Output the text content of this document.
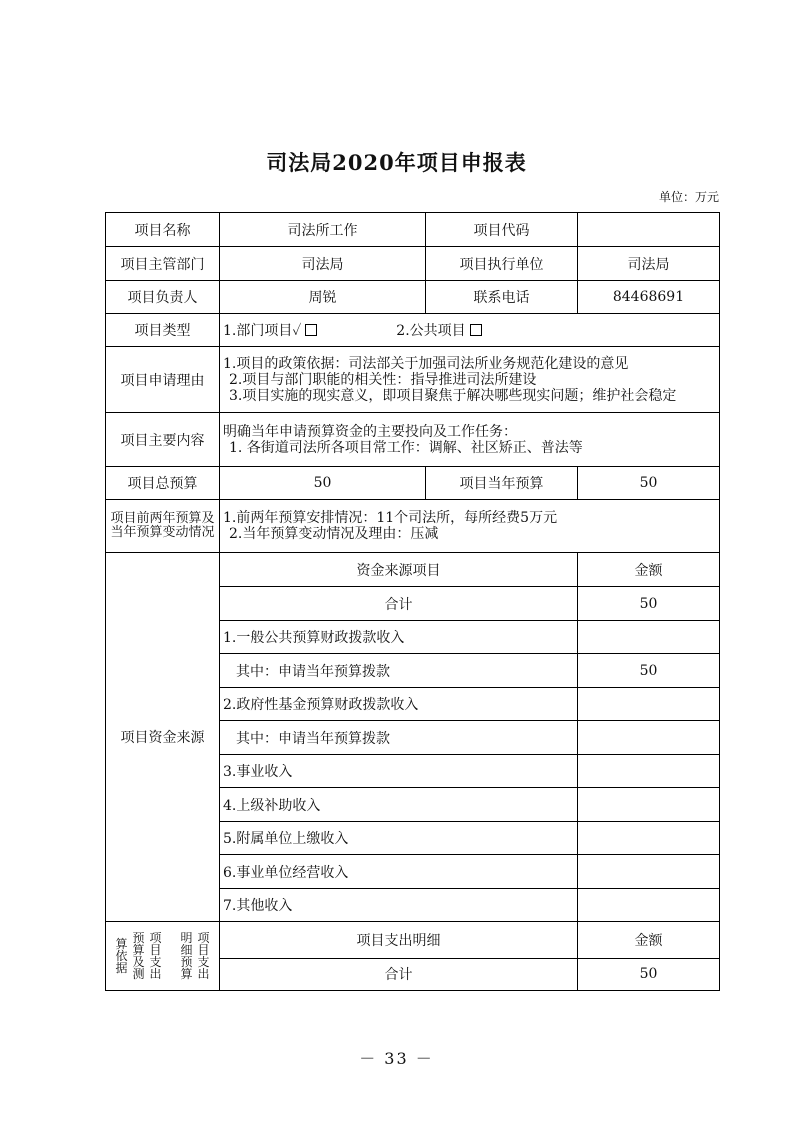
司法局2020年项目申报表
单位：万元
项目名称	司法所工作	项目代码	
项目主管部门	司法局	项目执行单位	司法局
项目负责人	周锐	联系电话	84468691
项目类型	1.部门项目✓ 2.公共项目		
项目申请理由	1.项目的政策依据：司法部关于加强司法所业务规范化建设的意见
2.项目与部门职能的相关性：指导推进司法所建设
3.项目实施的现实意义，即项目聚焦于解决哪些现实问题；维护社会稳定		

项目主要内容	明确当年申请预算资金的主要投向及工作任务：
1. 各街道司法所各项目常工作：调解、社区矫正、普法等		

项目总预算	50	项目当年预算	50
项目前两年预算及当年预算变动情况	1.前两年预算安排情况：11个司法所，每所经费5万元
2.当年预算变动情况及理由：压减		

项目资金来源	资金来源项目		金额
	合计		50
	1.一般公共预算财政拨款收入		
	其中：申请当年预算拨款		50
	2.政府性基金预算财政拨款收入		
	其中：申请当年预算拨款		
	3.事业收入		
	4.上级补助收入		
	5.附属单位上缴收入		
	6.事业单位经营收入		
	7.其他收入		

算依据
预算及测
项目支出
明细预算
项目支出	项目支出明细		金额
	合计		50
－ 33 －
